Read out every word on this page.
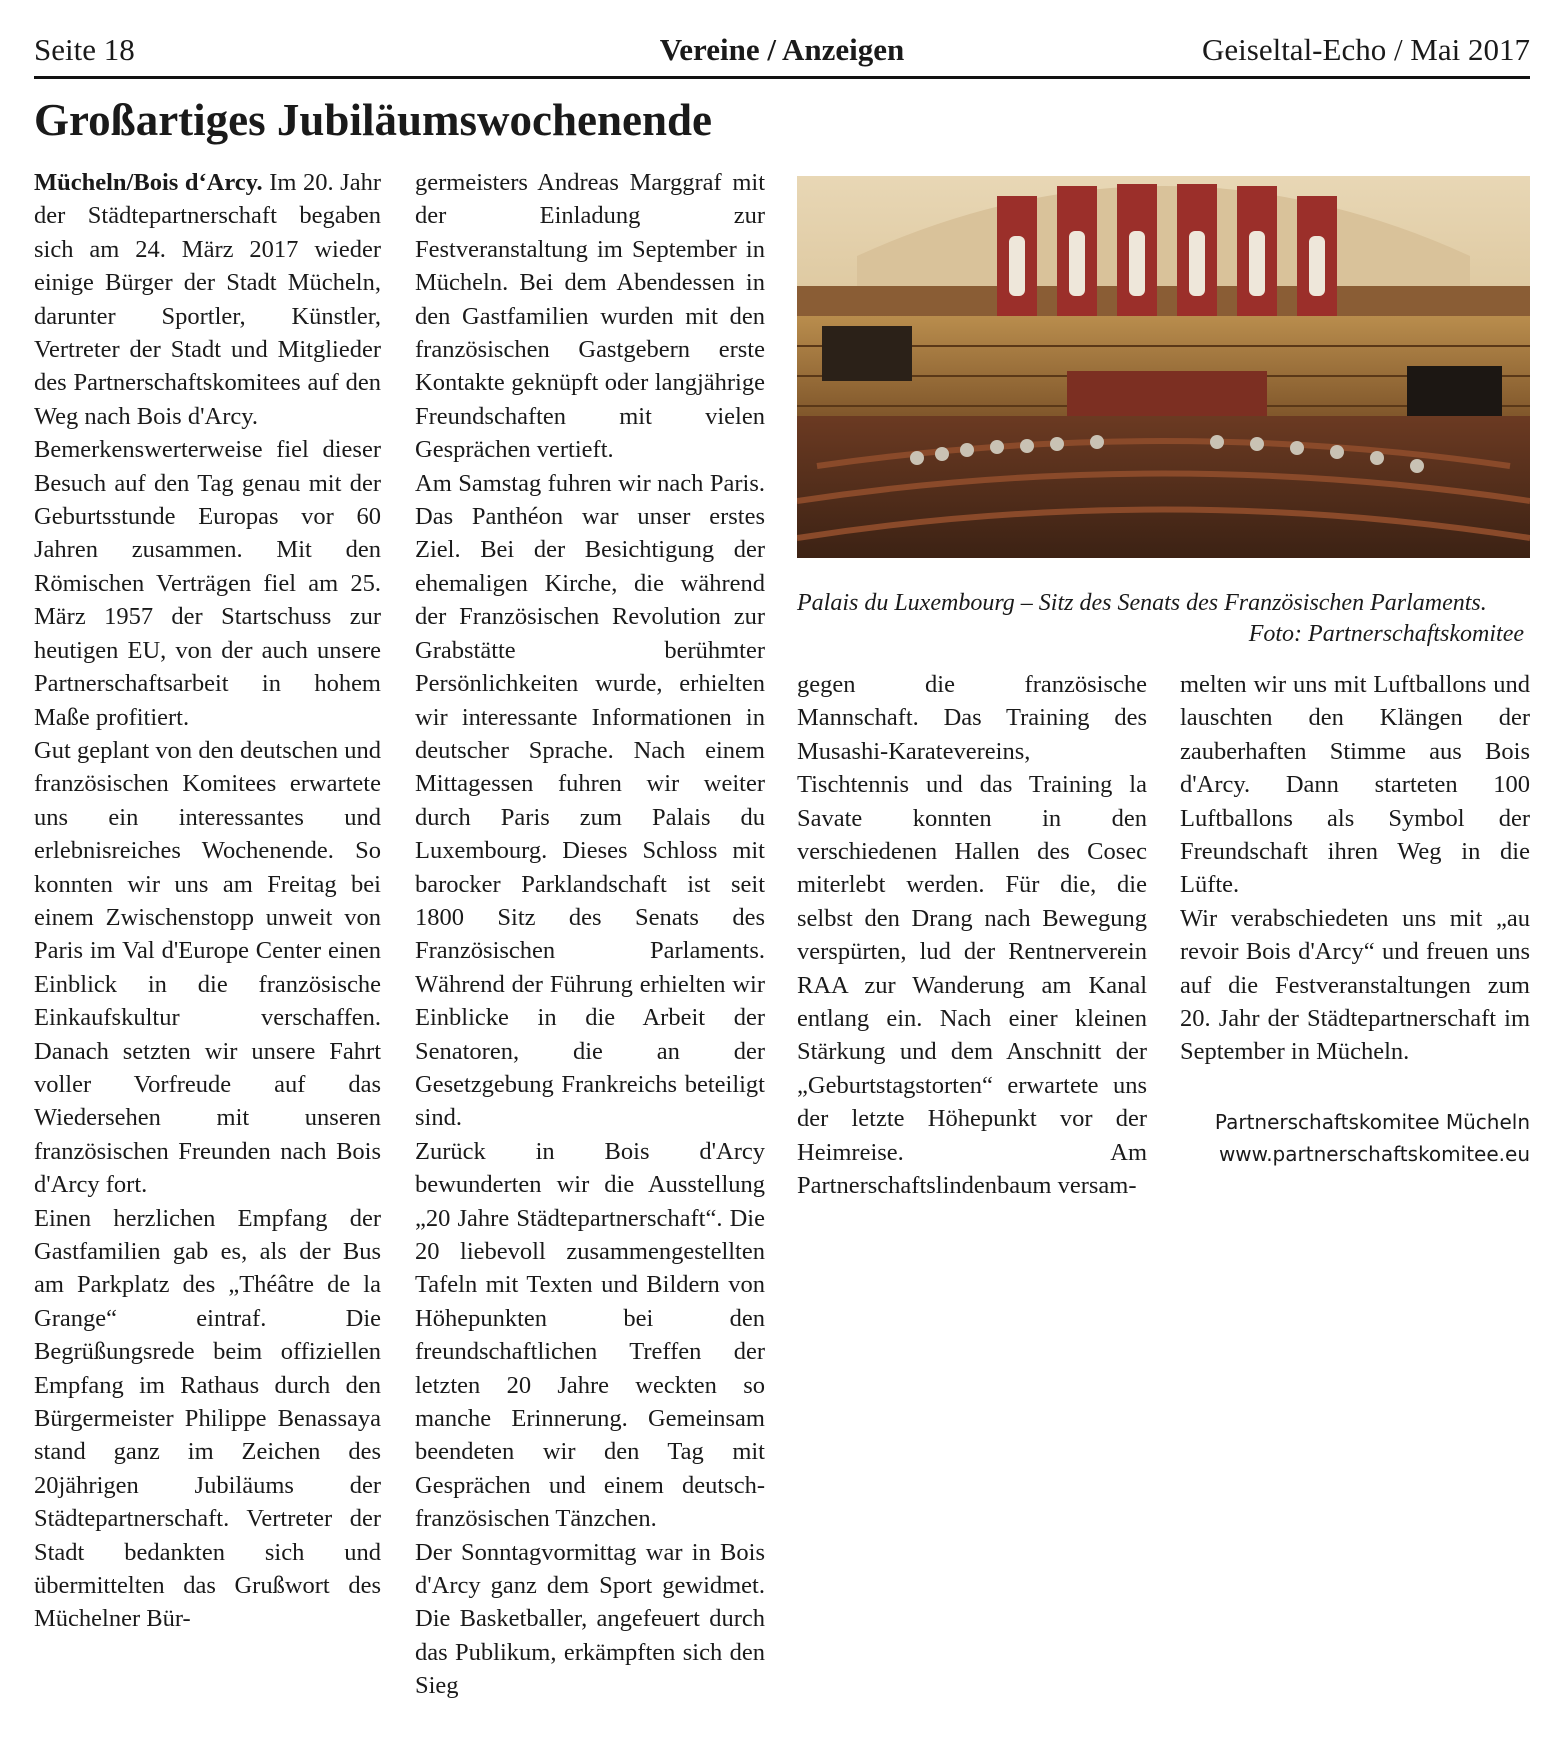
Seite 18	Vereine / Anzeigen	Geiseltal-Echo / Mai 2017
Großartiges Jubiläumswochenende

Mücheln/Bois d‘Arcy. Im 20. Jahr der Städtepartnerschaft begaben sich am 24. März 2017 wieder einige Bürger der Stadt Mücheln, darunter Sportler, Künstler, Vertreter der Stadt und Mitglieder des Partnerschaftskomitees auf den Weg nach Bois d'Arcy.

Bemerkenswerterweise fiel dieser Besuch auf den Tag genau mit der Geburtsstunde Europas vor 60 Jahren zusammen. Mit den Römischen Verträgen fiel am 25. März 1957 der Startschuss zur heutigen EU, von der auch unsere Partnerschaftsarbeit in hohem Maße profitiert.

Gut geplant von den deutschen und französischen Komitees erwartete uns ein interessantes und erlebnisreiches Wochenende. So konnten wir uns am Freitag bei einem Zwischenstopp unweit von Paris im Val d'Europe Center einen Einblick in die französische Einkaufskultur verschaffen. Danach setzten wir unsere Fahrt voller Vorfreude auf das Wiedersehen mit unseren französischen Freunden nach Bois d'Arcy fort.

Einen herzlichen Empfang der Gastfamilien gab es, als der Bus am Parkplatz des „Théâtre de la Grange“ eintraf. Die Begrüßungsrede beim offiziellen Empfang im Rathaus durch den Bürgermeister Philippe Benassaya stand ganz im Zeichen des 20jährigen Jubiläums der Städtepartnerschaft. Vertreter der Stadt bedankten sich und übermittelten das Grußwort des Müchelner Bür-

germeisters Andreas Marggraf mit der Einladung zur Festveranstaltung im September in Mücheln. Bei dem Abendessen in den Gastfamilien wurden mit den französischen Gastgebern erste Kontakte geknüpft oder langjährige Freundschaften mit vielen Gesprächen vertieft.

Am Samstag fuhren wir nach Paris. Das Panthéon war unser erstes Ziel. Bei der Besichtigung der ehemaligen Kirche, die während der Französischen Revolution zur Grabstätte berühmter Persönlichkeiten wurde, erhielten wir interessante Informationen in deutscher Sprache. Nach einem Mittagessen fuhren wir weiter durch Paris zum Palais du Luxembourg. Dieses Schloss mit barocker Parklandschaft ist seit 1800 Sitz des Senats des Französischen Parlaments. Während der Führung erhielten wir Einblicke in die Arbeit der Senatoren, die an der Gesetzgebung Frankreichs beteiligt sind.

Zurück in Bois d'Arcy bewunderten wir die Ausstellung „20 Jahre Städtepartnerschaft“. Die 20 liebevoll zusammengestellten Tafeln mit Texten und Bildern von Höhepunkten bei den freundschaftlichen Treffen der letzten 20 Jahre weckten so manche Erinnerung. Gemeinsam beendeten wir den Tag mit Gesprächen und einem deutsch-französischen Tänzchen.

Der Sonntagvormittag war in Bois d'Arcy ganz dem Sport gewidmet. Die Basketballer, angefeuert durch das Publikum, erkämpften sich den Sieg

Palais du Luxembourg – Sitz des Senats des Französischen Parlaments.
Foto: Partnerschaftskomitee

gegen die französische Mannschaft. Das Training des Musashi-Karatevereins, Tischtennis und das Training la Savate konnten in den verschiedenen Hallen des Cosec miterlebt werden. Für die, die selbst den Drang nach Bewegung verspürten, lud der Rentnerverein RAA zur Wanderung am Kanal entlang ein. Nach einer kleinen Stärkung und dem Anschnitt der „Geburtstagstorten“ erwartete uns der letzte Höhepunkt vor der Heimreise. Am Partnerschaftslindenbaum versam-

melten wir uns mit Luftballons und lauschten den Klängen der zauberhaften Stimme aus Bois d'Arcy. Dann starteten 100 Luftballons als Symbol der Freundschaft ihren Weg in die Lüfte.

Wir verabschiedeten uns mit „au revoir Bois d'Arcy“ und freuen uns auf die Festveranstaltungen zum 20. Jahr der Städtepartnerschaft im September in Mücheln.

Partnerschaftskomitee Mücheln
www.partnerschaftskomitee.eu
